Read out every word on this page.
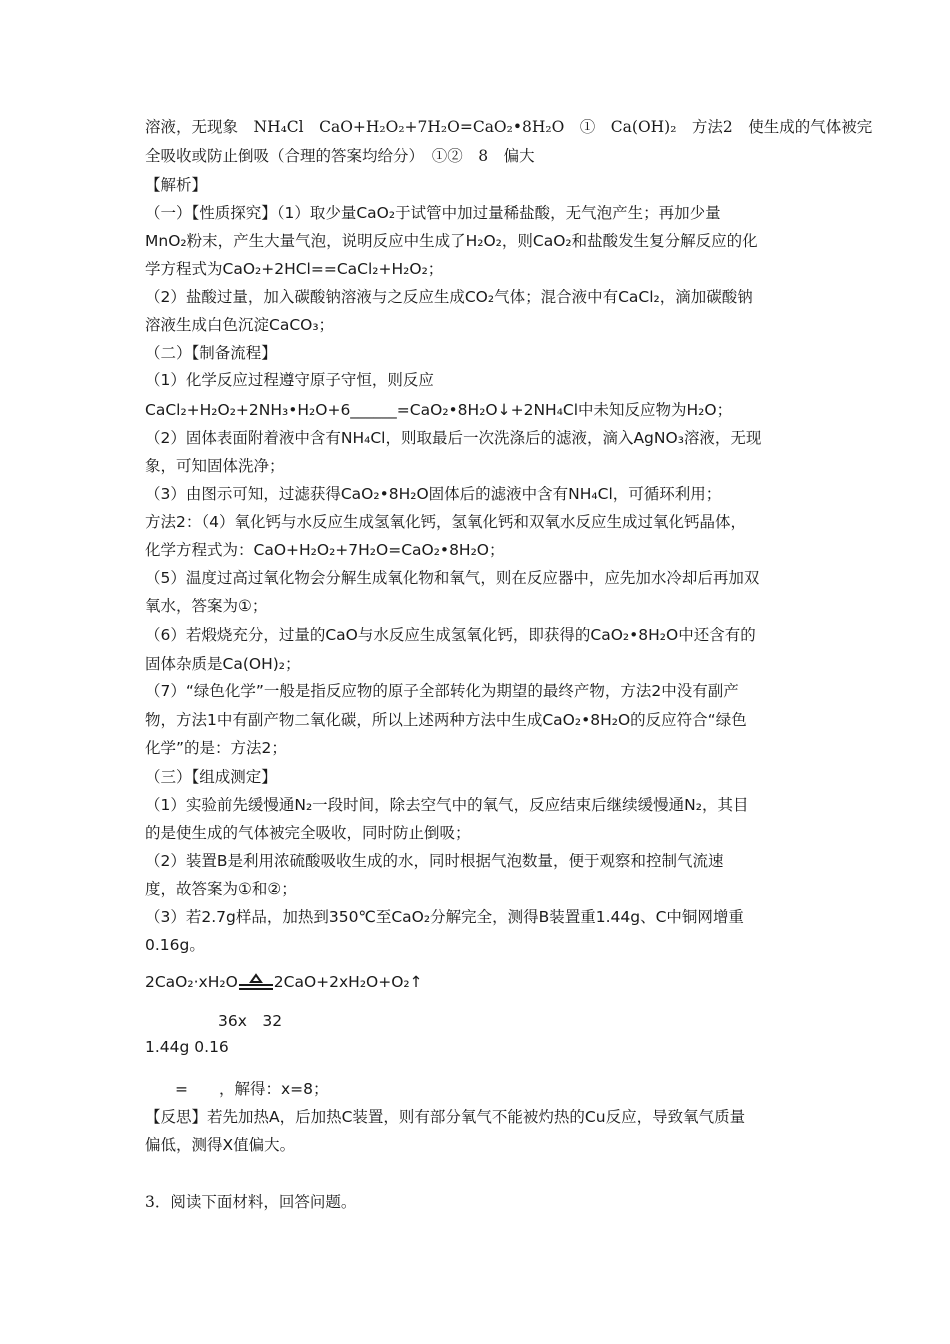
溶液，无现象　NH₄Cl　CaO+H₂O₂+7H₂O=CaO₂•8H₂O　①　Ca(OH)₂　方法2　使生成的气体被完
全吸收或防止倒吸（合理的答案均给分）　①②　8　偏大
【解析】
（一）【性质探究】（1）取少量CaO₂于试管中加过量稀盐酸，无气泡产生；再加少量
MnO₂粉末，产生大量气泡，说明反应中生成了H₂O₂，则CaO₂和盐酸发生复分解反应的化
学方程式为CaO₂+2HCl==CaCl₂+H₂O₂；
（2）盐酸过量，加入碳酸钠溶液与之反应生成CO₂气体；混合液中有CaCl₂，滴加碳酸钠
溶液生成白色沉淀CaCO₃；
（二）【制备流程】
（1）化学反应过程遵守原子守恒，则反应
CaCl₂+H₂O₂+2NH₃•H₂O+6______=CaO₂•8H₂O↓+2NH₄Cl中未知反应物为H₂O；
（2）固体表面附着液中含有NH₄Cl，则取最后一次洗涤后的滤液，滴入AgNO₃溶液，无现
象，可知固体洗净；
（3）由图示可知，过滤获得CaO₂•8H₂O固体后的滤液中含有NH₄Cl，可循环利用；
方法2：（4）氧化钙与水反应生成氢氧化钙，氢氧化钙和双氧水反应生成过氧化钙晶体，
化学方程式为：CaO+H₂O₂+7H₂O=CaO₂•8H₂O；
（5）温度过高过氧化物会分解生成氧化物和氧气，则在反应器中，应先加水冷却后再加双
氧水，答案为①；
（6）若煅烧充分，过量的CaO与水反应生成氢氧化钙，即获得的CaO₂•8H₂O中还含有的
固体杂质是Ca(OH)₂；
（7）“绿色化学”一般是指反应物的原子全部转化为期望的最终产物，方法2中没有副产
物，方法1中有副产物二氧化碳，所以上述两种方法中生成CaO₂•8H₂O的反应符合“绿色
化学”的是：方法2；
（三）【组成测定】
（1）实验前先缓慢通N₂一段时间，除去空气中的氧气，反应结束后继续缓慢通N₂，其目
的是使生成的气体被完全吸收，同时防止倒吸；
（2）装置B是利用浓硫酸吸收生成的水，同时根据气泡数量，便于观察和控制气流速
度，故答案为①和②；
（3）若2.7g样品，加热到350℃至CaO₂分解完全，测得B装置重1.44g、C中铜网增重
0.16g。
2CaO₂·xH₂O 2CaO+2xH₂O+O₂↑
36x　32
1.44g 0.16
=　　，解得：x=8；
【反思】若先加热A，后加热C装置，则有部分氧气不能被灼热的Cu反应，导致氧气质量
偏低，测得X值偏大。
3．阅读下面材料，回答问题。
